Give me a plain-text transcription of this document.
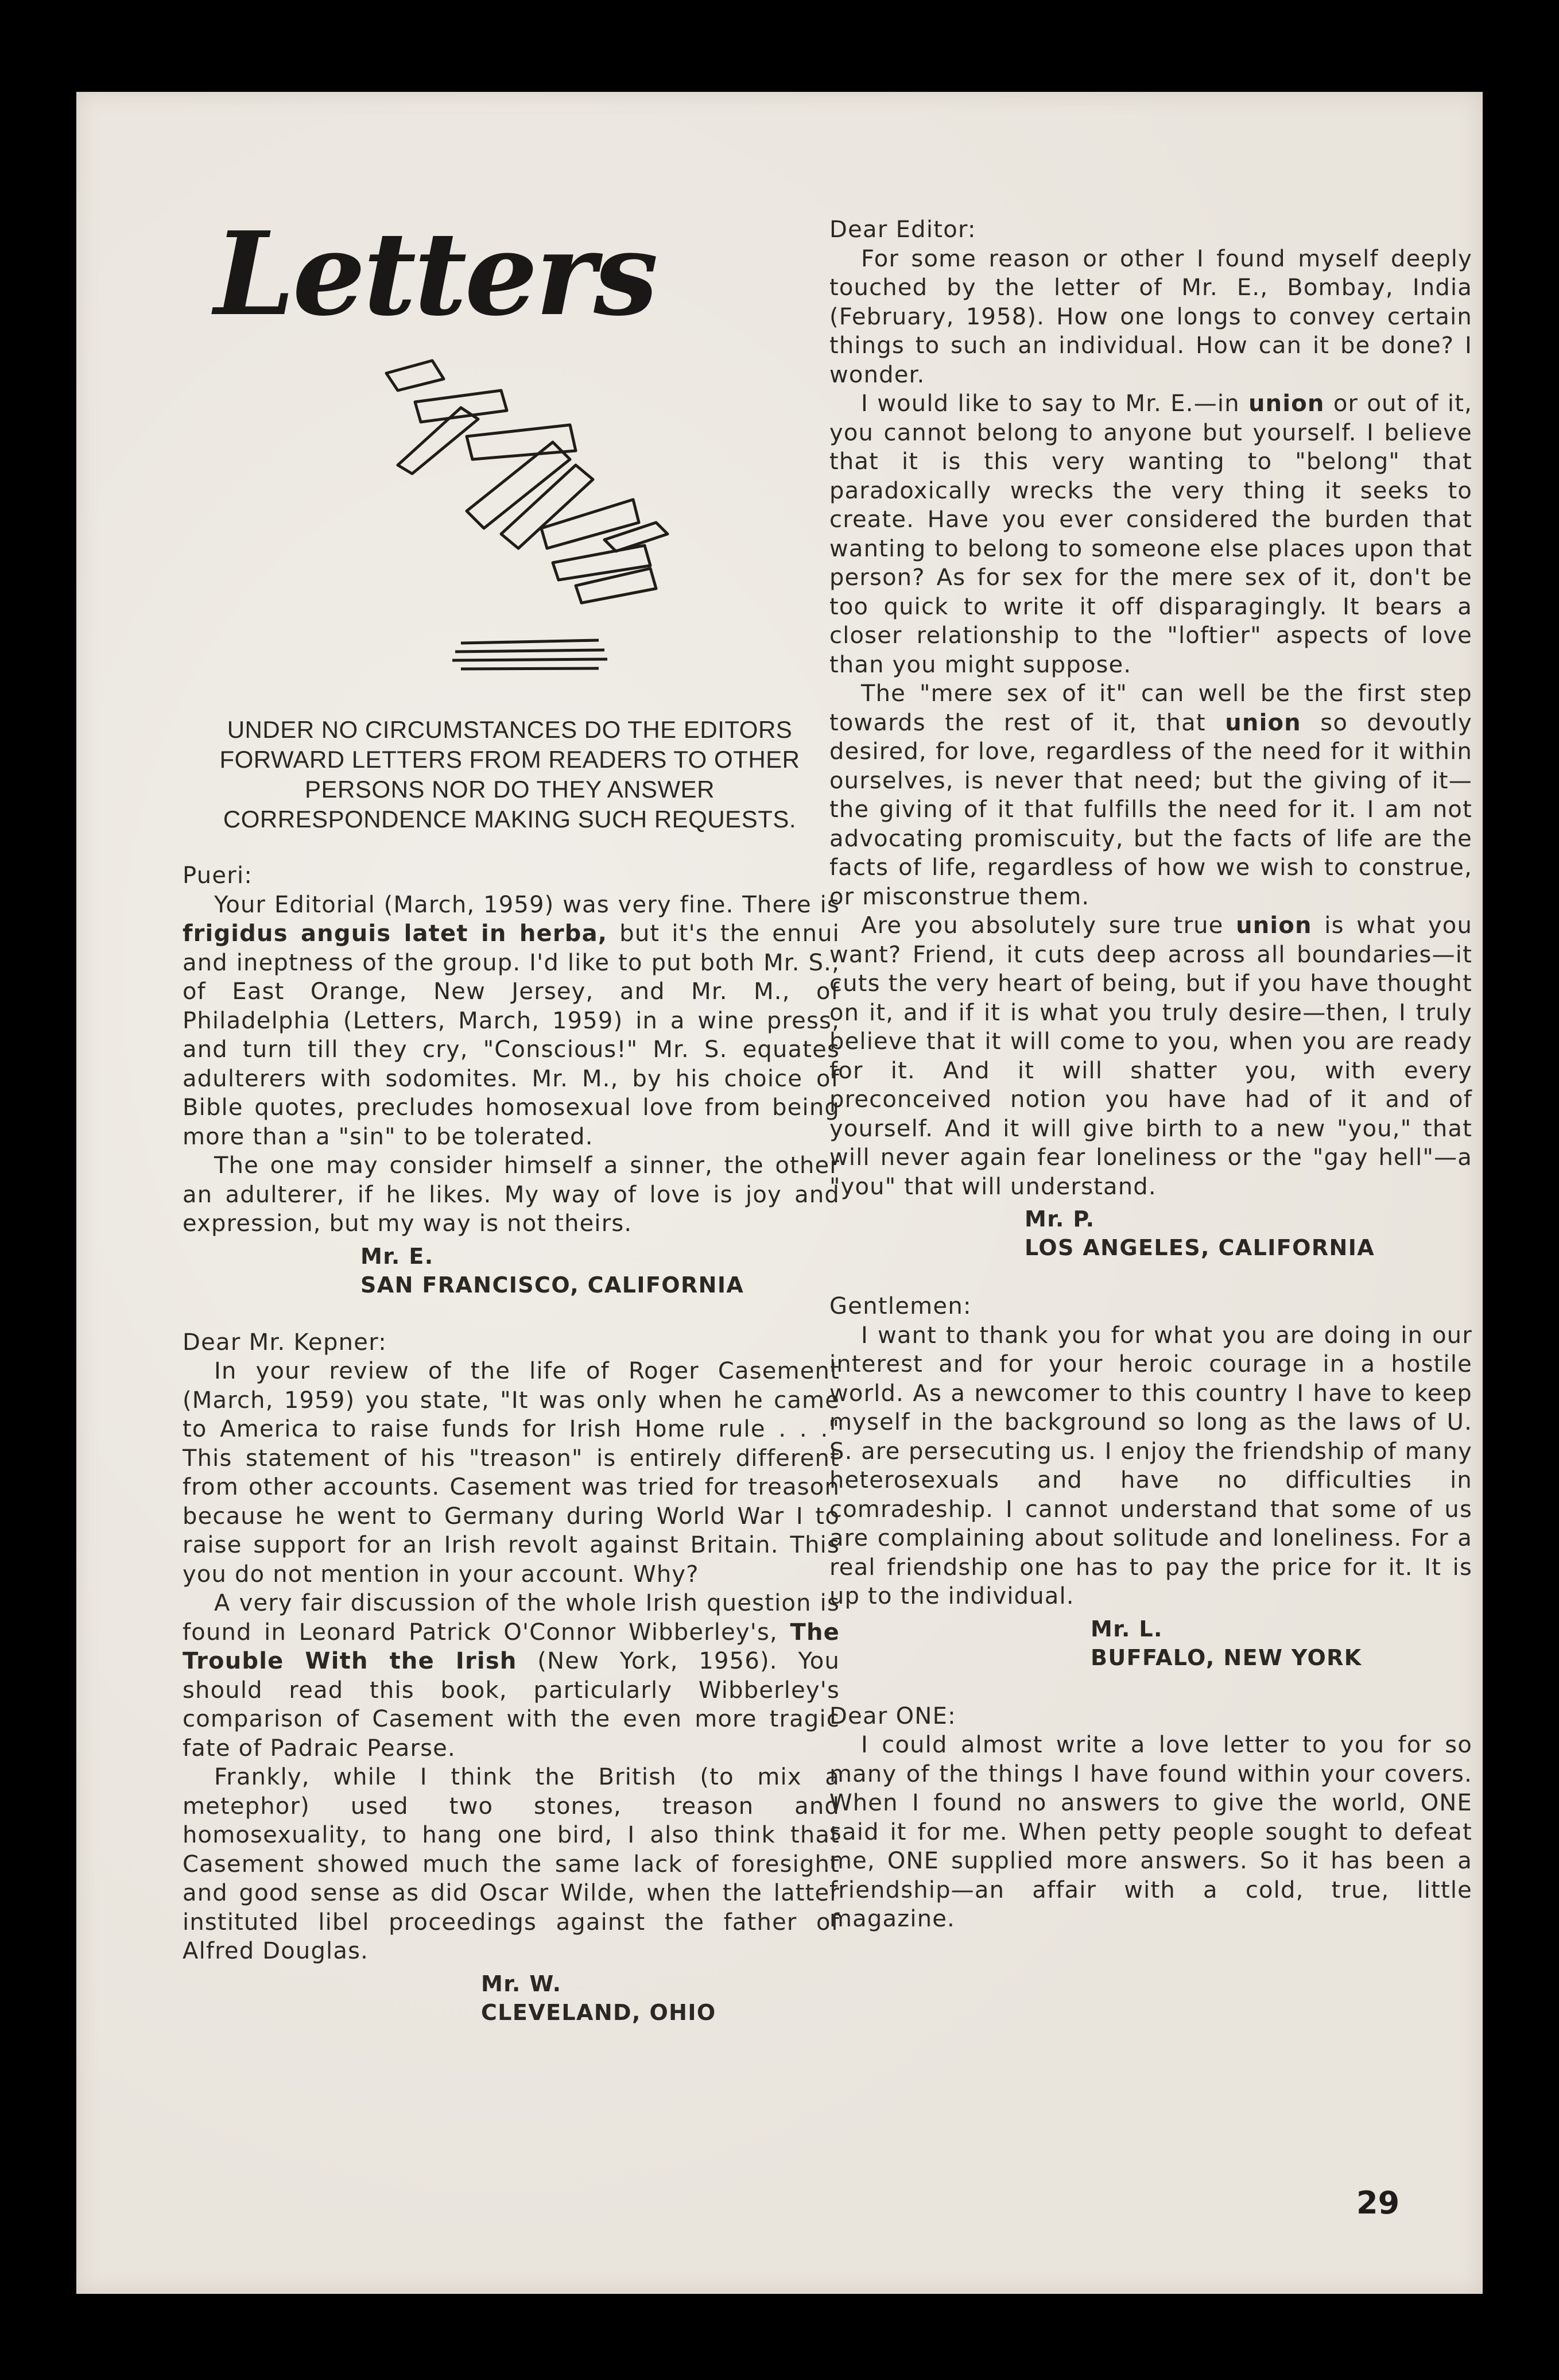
Letters
UNDER NO CIRCUMSTANCES DO THE EDITORS FORWARD LETTERS FROM READERS TO OTHER PERSONS NOR DO THEY ANSWER CORRESPONDENCE MAKING SUCH REQUESTS.

Pueri:

Your Editorial (March, 1959) was very fine. There is frigidus anguis latet in herba, but it's the ennui and ineptness of the group. I'd like to put both Mr. S., of East Orange, New Jersey, and Mr. M., of Philadelphia (Letters, March, 1959) in a wine press, and turn till they cry, "Conscious!" Mr. S. equates adulterers with sodomites. Mr. M., by his choice of Bible quotes, precludes homosexual love from being more than a "sin" to be tolerated.

The one may consider himself a sinner, the other an adulterer, if he likes. My way of love is joy and expression, but my way is not theirs.

Mr. E.

SAN FRANCISCO, CALIFORNIA

Dear Mr. Kepner:

In your review of the life of Roger Casement (March, 1959) you state, "It was only when he came to America to raise funds for Irish Home rule . . ." This statement of his "treason" is entirely different from other accounts. Casement was tried for treason because he went to Germany during World War I to raise support for an Irish revolt against Britain. This you do not mention in your account. Why?

A very fair discussion of the whole Irish question is found in Leonard Patrick O'Connor Wibberley's, The Trouble With the Irish (New York, 1956). You should read this book, particularly Wibberley's comparison of Casement with the even more tragic fate of Padraic Pearse.

Frankly, while I think the British (to mix a metephor) used two stones, treason and homosexuality, to hang one bird, I also think that Casement showed much the same lack of foresight and good sense as did Oscar Wilde, when the latter instituted libel proceedings against the father of Alfred Douglas.

Mr. W.

CLEVELAND, OHIO

Dear Editor:

For some reason or other I found myself deeply touched by the letter of Mr. E., Bombay, India (February, 1958). How one longs to convey certain things to such an individual. How can it be done? I wonder.

I would like to say to Mr. E.—in union or out of it, you cannot belong to anyone but yourself. I believe that it is this very wanting to "belong" that paradoxically wrecks the very thing it seeks to create. Have you ever considered the burden that wanting to belong to someone else places upon that person? As for sex for the mere sex of it, don't be too quick to write it off disparagingly. It bears a closer relationship to the "loftier" aspects of love than you might suppose.

The "mere sex of it" can well be the first step towards the rest of it, that union so devoutly desired, for love, regardless of the need for it within ourselves, is never that need; but the giving of it—the giving of it that fulfills the need for it. I am not advocating promiscuity, but the facts of life are the facts of life, regardless of how we wish to construe, or misconstrue them.

Are you absolutely sure true union is what you want? Friend, it cuts deep across all boundaries—it cuts the very heart of being, but if you have thought on it, and if it is what you truly desire—then, I truly believe that it will come to you, when you are ready for it. And it will shatter you, with every preconceived notion you have had of it and of yourself. And it will give birth to a new "you," that will never again fear loneliness or the "gay hell"—a "you" that will understand.

Mr. P.

LOS ANGELES, CALIFORNIA

Gentlemen:

I want to thank you for what you are doing in our interest and for your heroic courage in a hostile world. As a newcomer to this country I have to keep myself in the background so long as the laws of U. S. are persecuting us. I enjoy the friendship of many heterosexuals and have no difficulties in comradeship. I cannot understand that some of us are complaining about solitude and loneliness. For a real friendship one has to pay the price for it. It is up to the individual.

Mr. L.

BUFFALO, NEW YORK

Dear ONE:

I could almost write a love letter to you for so many of the things I have found within your covers. When I found no answers to give the world, ONE said it for me. When petty people sought to defeat me, ONE supplied more answers. So it has been a friendship—an affair with a cold, true, little magazine.

29
